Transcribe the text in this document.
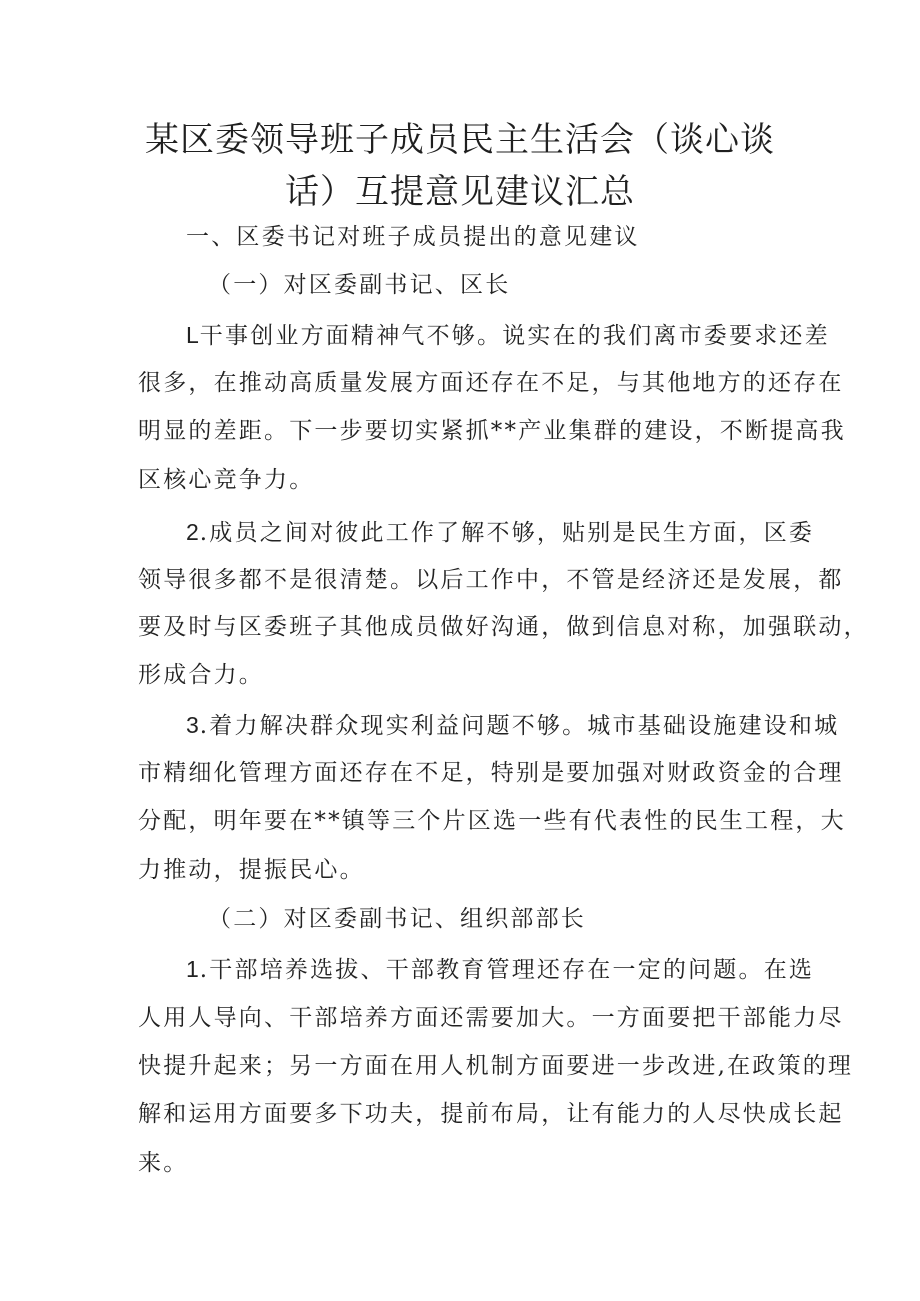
某区委领导班子成员民主生活会（谈心谈
话）互提意见建议汇总
一、区委书记对班子成员提出的意见建议
（一）对区委副书记、区长
L干事创业方面精神气不够。说实在的我们离市委要求还差
很多，在推动高质量发展方面还存在不足，与其他地方的还存在
明显的差距。下一步要切实紧抓**产业集群的建设，不断提高我
区核心竞争力。
2.成员之间对彼此工作了解不够，贴别是民生方面，区委
领导很多都不是很清楚。以后工作中，不管是经济还是发展，都
要及时与区委班子其他成员做好沟通，做到信息对称，加强联动，
形成合力。
3.着力解决群众现实利益问题不够。城市基础设施建设和城
市精细化管理方面还存在不足，特别是要加强对财政资金的合理
分配，明年要在**镇等三个片区选一些有代表性的民生工程，大
力推动，提振民心。
（二）对区委副书记、组织部部长
1.干部培养选拔、干部教育管理还存在一定的问题。在选
人用人导向、干部培养方面还需要加大。一方面要把干部能力尽
快提升起来；另一方面在用人机制方面要进一步改进,在政策的理
解和运用方面要多下功夫，提前布局，让有能力的人尽快成长起
来。
